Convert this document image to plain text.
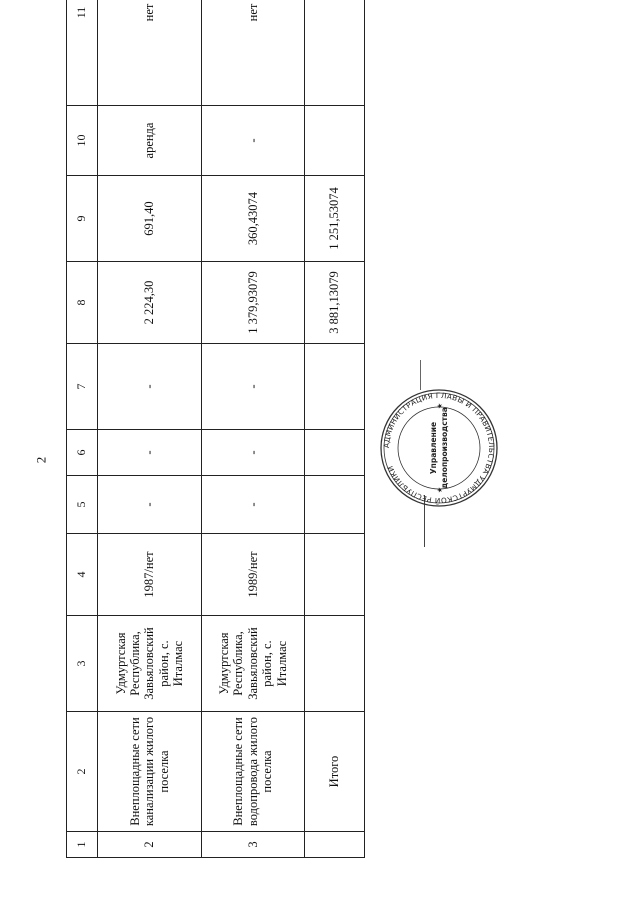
2
1	2	3	4	5	6	7	8	9	10	11
2	Внеплощадные сети канализации жилого поселка	Удмуртская Республика, Завьяловский район, с. Италмас	1987/нет	-	-	-	2 224,30	691,40	аренда	нет
3	Внеплощадные сети водопровода жилого поселка	Удмуртская Республика, Завьяловский район, с. Италмас	1989/нет	-	-	-	1 379,93079	360,43074	-	нет
	Итого						3 881,13079	1 251,53074		
АДМИНИСТРАЦИЯ ГЛАВЫ И ПРАВИТЕЛЬСТВА УДМУРТСКОЙ РЕСПУБЛИКИ	Управление делопроизводства
★
★
